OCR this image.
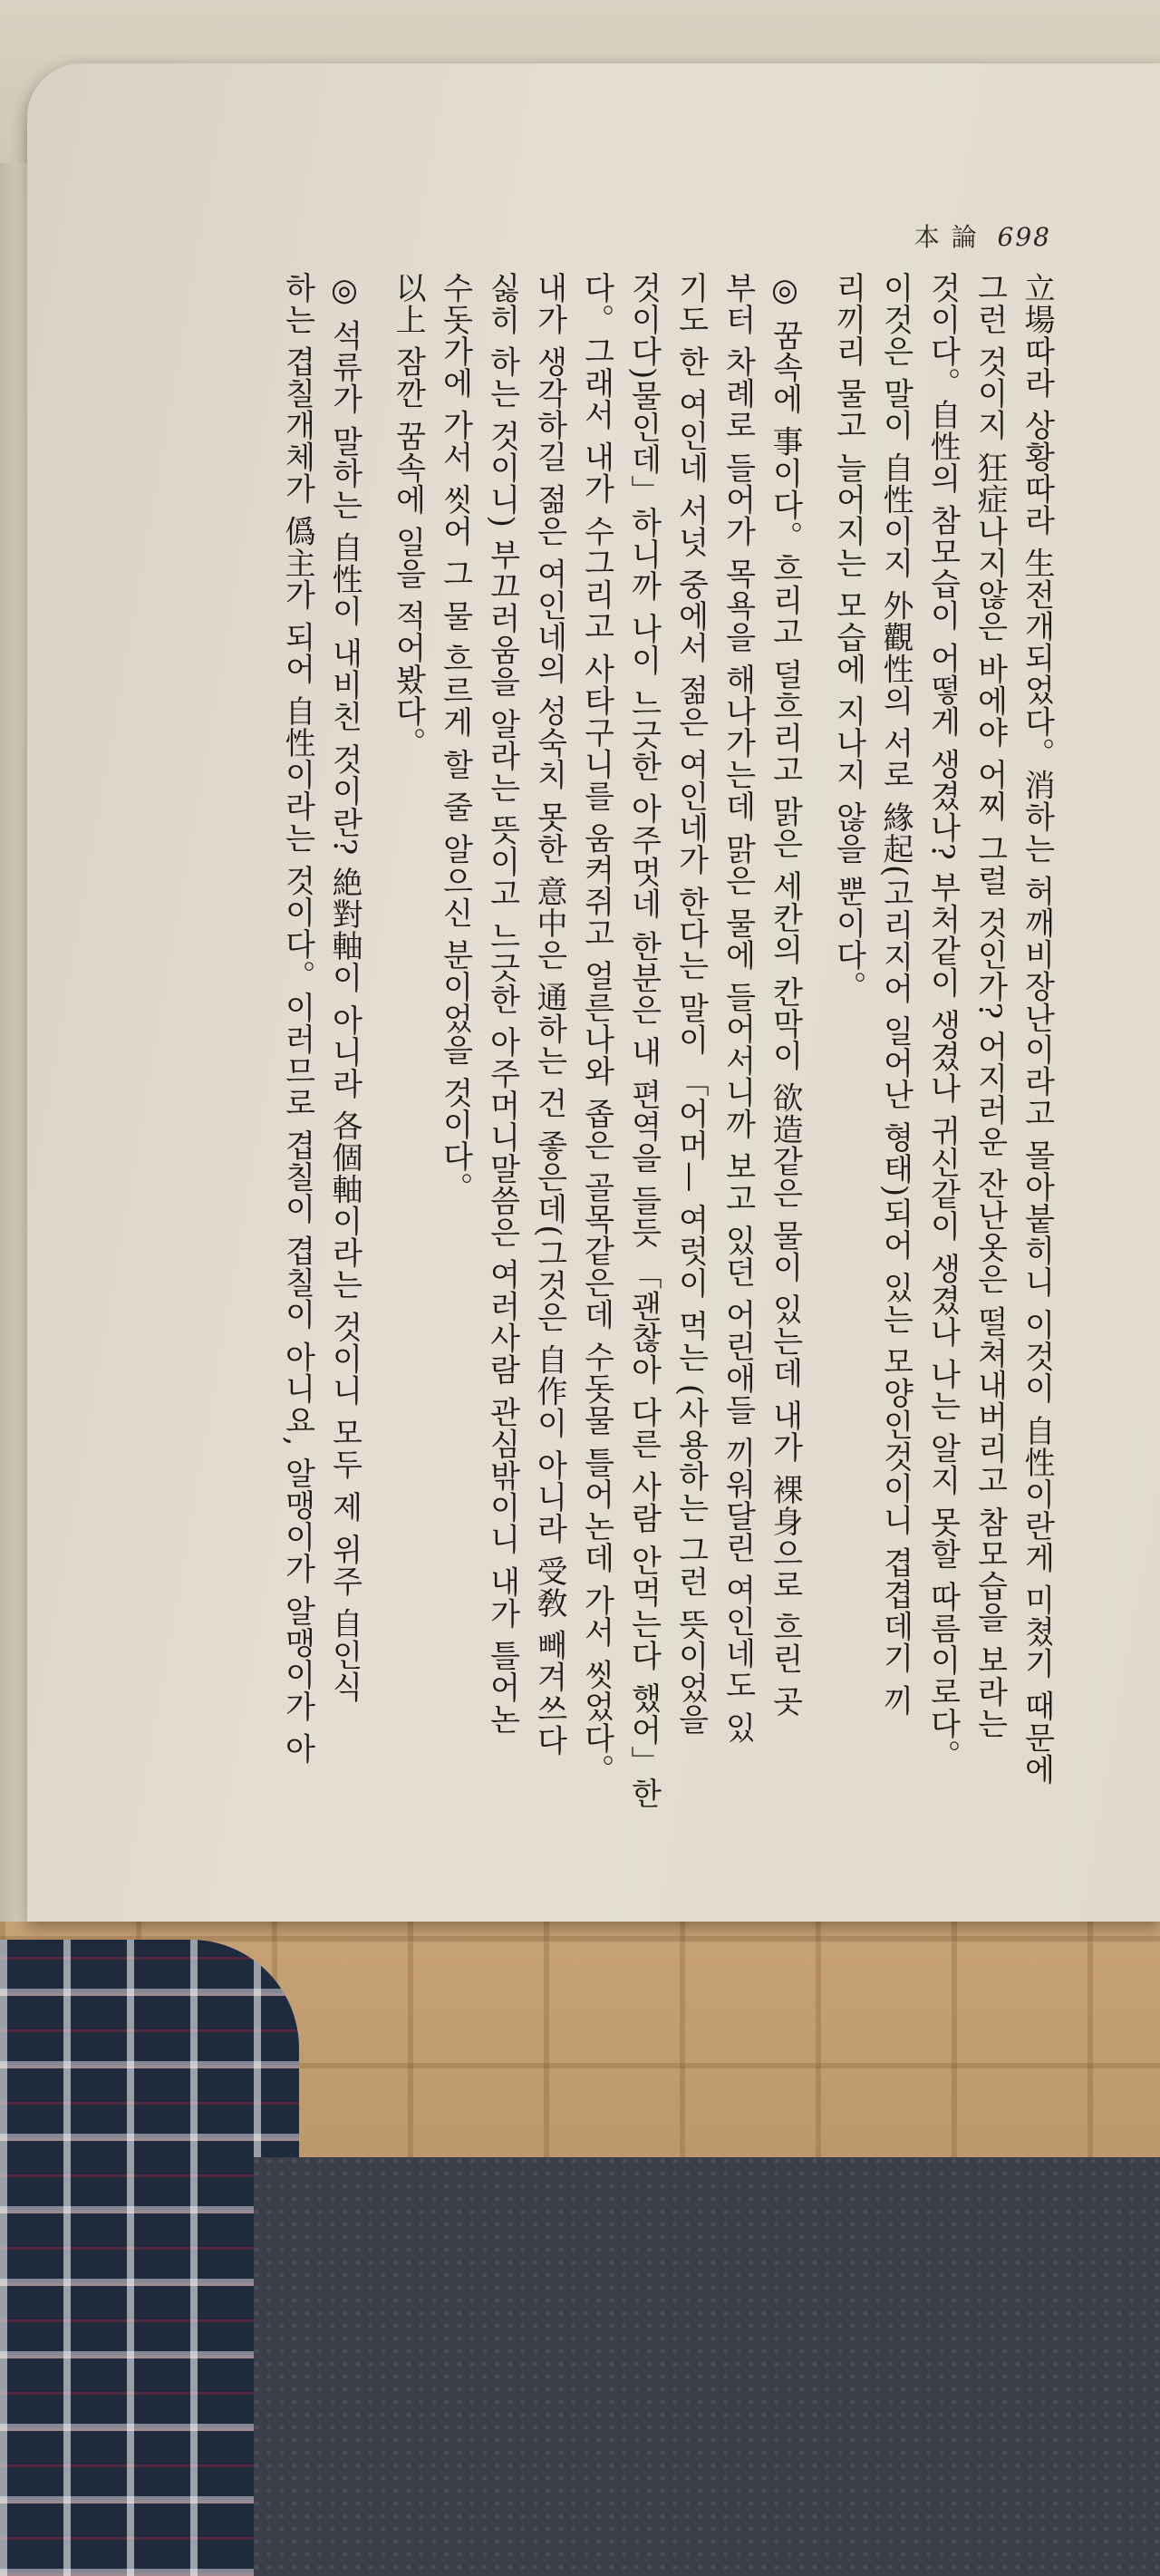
本 論 698

立場따라 상황따라 生전개되었다。消하는 허깨비장난이라고 몰아붙히니 이것이 自性이란게 미쳤기 때문에

그런 것이지 狂症나지않은 바에야 어찌 그럴 것인가? 어지러운 잔난옷은 떨쳐내버리고 참모습을 보라는

것이다。自性의 참모습이 어떻게 생겼나? 부처같이 생겼나 귀신같이 생겼나 나는 알지 못할 따름이로다。

이것은 말이 自性이지 外觀性의 서로 緣起(고리지어 일어난 형태)되어 있는 모양인것이니 겹겹데기 끼

리끼리 물고 늘어지는 모습에 지나지 않을 뿐이다。

◎ 꿈속에 事이다。흐리고 덜흐리고 맑은 세칸의 칸막이 欲造같은 물이 있는데 내가 裸身으로 흐린 곳

부터 차례로 들어가 목욕을 해나가는데 맑은 물에 들어서니까 보고 있던 어린애들 끼워달린 여인네도 있

기도 한 여인네 서넛 중에서 젊은 여인네가 한다는 말이 「어머— 여럿이 먹는 (사용하는 그런 뜻이었을

것이다)물인데」하니까 나이 느긋한 아주멋네 한분은 내 편역을 들듯 「괜찮아 다른 사람 안먹는다 했어」한

다。그래서 내가 수그리고 사타구니를 움켜쥐고 얼른나와 좁은 골목같은데 수돗물 틀어논데 가서 씻었다。

내가 생각하길 젊은 여인네의 성숙치 못한 意中은 通하는 건 좋은데(그것은 自作이 아니라 受敎 빼겨쓰다

싫히 하는 것이니) 부끄러움을 알라는 뜻이고 느긋한 아주머니말씀은 여러사람 관심밖이니 내가 틀어논

수돗가에 가서 씻어 그 물 흐르게 할 줄 알으신 분이었을 것이다。

以上 잠깐 꿈속에 일을 적어봤다。

◎ 석류가 말하는 自性이 내비친 것이란? 絶對軸이 아니라 各個軸이라는 것이니 모두 제 위주 自인식

하는 겹칠개체가 僞主가 되어 自性이라는 것이다。이러므로 겹칠이 겹칠이 아니요, 알맹이가 알맹이가 아
